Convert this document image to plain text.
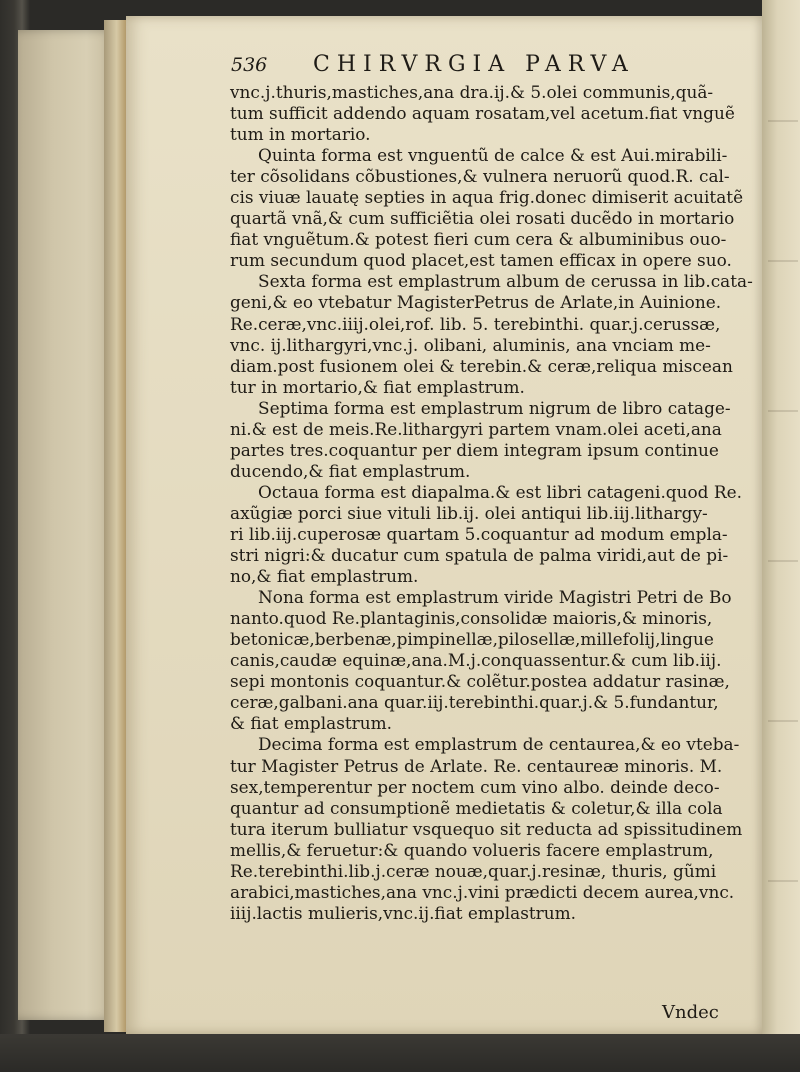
536 CHIRVRGIA PARVA
vnc.j.thuris,mastiches,ana dra.ij.& 5.olei communis,quã-
tum sufficit addendo aquam rosatam,vel acetum.fiat vnguẽ
tum in mortario.
Quinta forma est vnguentũ de calce & est Aui.mirabili-
ter cõsolidans cõbustiones,& vulnera neruorũ quod.R. cal-
cis viuæ lauatę septies in aqua frig.donec dimiserit acuitatẽ
quartã vnã,& cum sufficiẽtia olei rosati ducẽdo in mortario
fiat vnguẽtum.& potest fieri cum cera & albuminibus ouo-
rum secundum quod placet,est tamen efficax in opere suo.
Sexta forma est emplastrum album de cerussa in lib.cata-
geni,& eo vtebatur MagisterPetrus de Arlate,in Auinione.
Re.ceræ,vnc.iiij.olei,rof. lib. 5. terebinthi. quar.j.cerussæ,
vnc. ij.lithargyri,vnc.j. olibani, aluminis, ana vnciam me-
diam.post fusionem olei & terebin.& ceræ,reliqua miscean
tur in mortario,& fiat emplastrum.
Septima forma est emplastrum nigrum de libro catage-
ni.& est de meis.Re.lithargyri partem vnam.olei aceti,ana
partes tres.coquantur per diem integram ipsum continue
ducendo,& fiat emplastrum.
Octaua forma est diapalma.& est libri catageni.quod Re.
axũgiæ porci siue vituli lib.ij. olei antiqui lib.iij.lithargy-
ri lib.iij.cuperosæ quartam 5.coquantur ad modum empla-
stri nigri:& ducatur cum spatula de palma viridi,aut de pi-
no,& fiat emplastrum.
Nona forma est emplastrum viride Magistri Petri de Bo
nanto.quod Re.plantaginis,consolidæ maioris,& minoris,
betonicæ,berbenæ,pimpinellæ,pilosellæ,millefolij,lingue
canis,caudæ equinæ,ana.M.j.conquassentur.& cum lib.iij.
sepi montonis coquantur.& colẽtur.postea addatur rasinæ,
ceræ,galbani.ana quar.iij.terebinthi.quar.j.& 5.fundantur,
& fiat emplastrum.
Decima forma est emplastrum de centaurea,& eo vteba-
tur Magister Petrus de Arlate. Re. centaureæ minoris. M.
sex,temperentur per noctem cum vino albo. deinde deco-
quantur ad consumptionẽ medietatis & coletur,& illa cola
tura iterum bulliatur vsquequo sit reducta ad spissitudinem
mellis,& feruetur:& quando volueris facere emplastrum,
Re.terebinthi.lib.j.ceræ nouæ,quar.j.resinæ, thuris, gũmi
arabici,mastiches,ana vnc.j.vini prædicti decem aurea,vnc.
iiij.lactis mulieris,vnc.ij.fiat emplastrum.
Vndec
